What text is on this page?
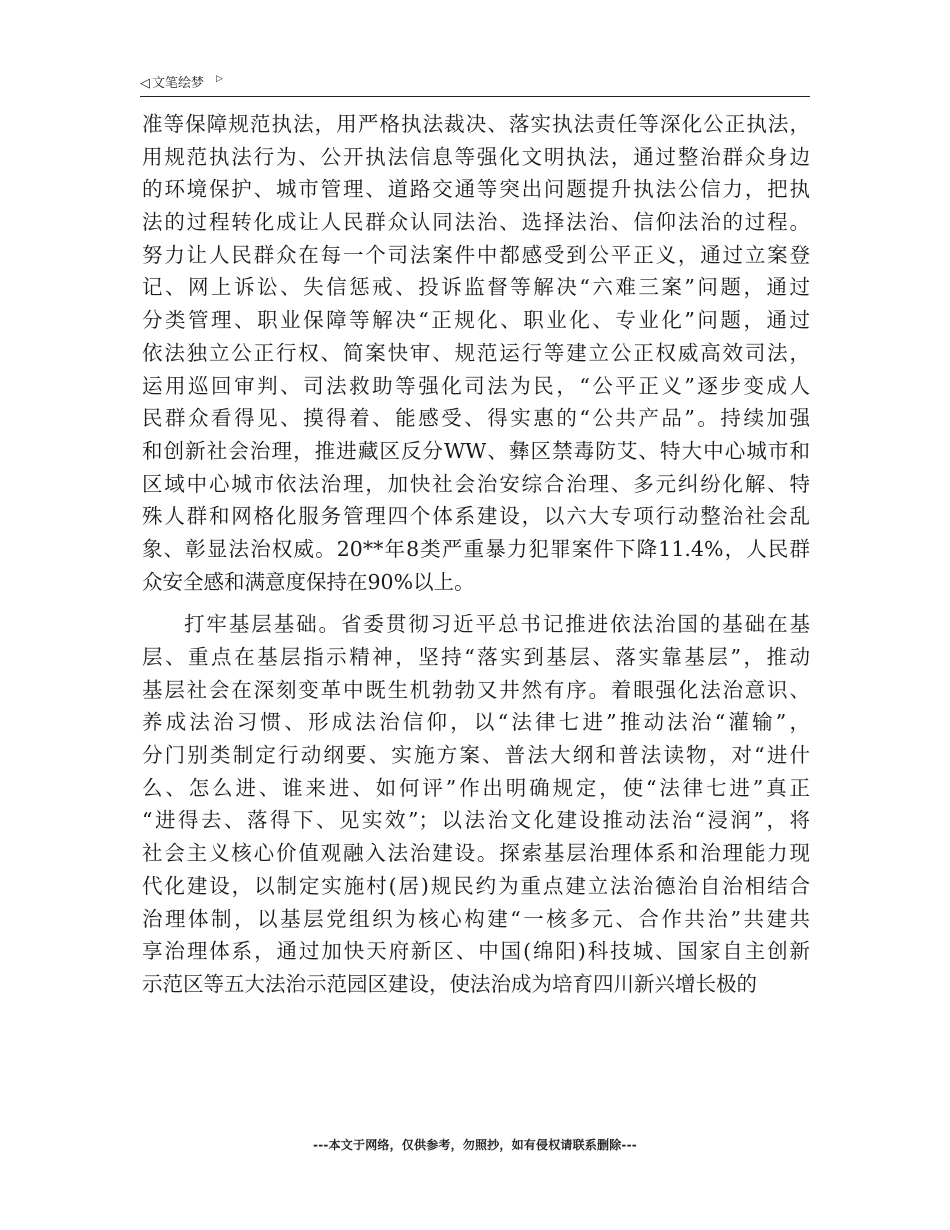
◁ 文笔绘梦 ▷
准等保障规范执法，用严格执法裁决、落实执法责任等深化公正执法，
用规范执法行为、公开执法信息等强化文明执法，通过整治群众身边
的环境保护、城市管理、道路交通等突出问题提升执法公信力，把执
法的过程转化成让人民群众认同法治、选择法治、信仰法治的过程。
努力让人民群众在每一个司法案件中都感受到公平正义，通过立案登
记、网上诉讼、失信惩戒、投诉监督等解决“六难三案”问题，通过
分类管理、职业保障等解决“正规化、职业化、专业化”问题，通过
依法独立公正行权、简案快审、规范运行等建立公正权威高效司法，
运用巡回审判、司法救助等强化司法为民，“公平正义”逐步变成人
民群众看得见、摸得着、能感受、得实惠的“公共产品”。持续加强
和创新社会治理，推进藏区反分WW、彝区禁毒防艾、特大中心城市和
区域中心城市依法治理，加快社会治安综合治理、多元纠纷化解、特
殊人群和网格化服务管理四个体系建设，以六大专项行动整治社会乱
象、彰显法治权威。20**年8类严重暴力犯罪案件下降11.4%，人民群
众安全感和满意度保持在90%以上。
打牢基层基础。省委贯彻习近平总书记推进依法治国的基础在基
层、重点在基层指示精神，坚持“落实到基层、落实靠基层”，推动
基层社会在深刻变革中既生机勃勃又井然有序。着眼强化法治意识、
养成法治习惯、形成法治信仰，以“法律七进”推动法治“灌输”，
分门别类制定行动纲要、实施方案、普法大纲和普法读物，对“进什
么、怎么进、谁来进、如何评”作出明确规定，使“法律七进”真正
“进得去、落得下、见实效”；以法治文化建设推动法治“浸润”，将
社会主义核心价值观融入法治建设。探索基层治理体系和治理能力现
代化建设，以制定实施村(居)规民约为重点建立法治德治自治相结合
治理体制，以基层党组织为核心构建“一核多元、合作共治”共建共
享治理体系，通过加快天府新区、中国(绵阳)科技城、国家自主创新
示范区等五大法治示范园区建设，使法治成为培育四川新兴增长极的
---本文于网络，仅供参考，勿照抄，如有侵权请联系删除---
